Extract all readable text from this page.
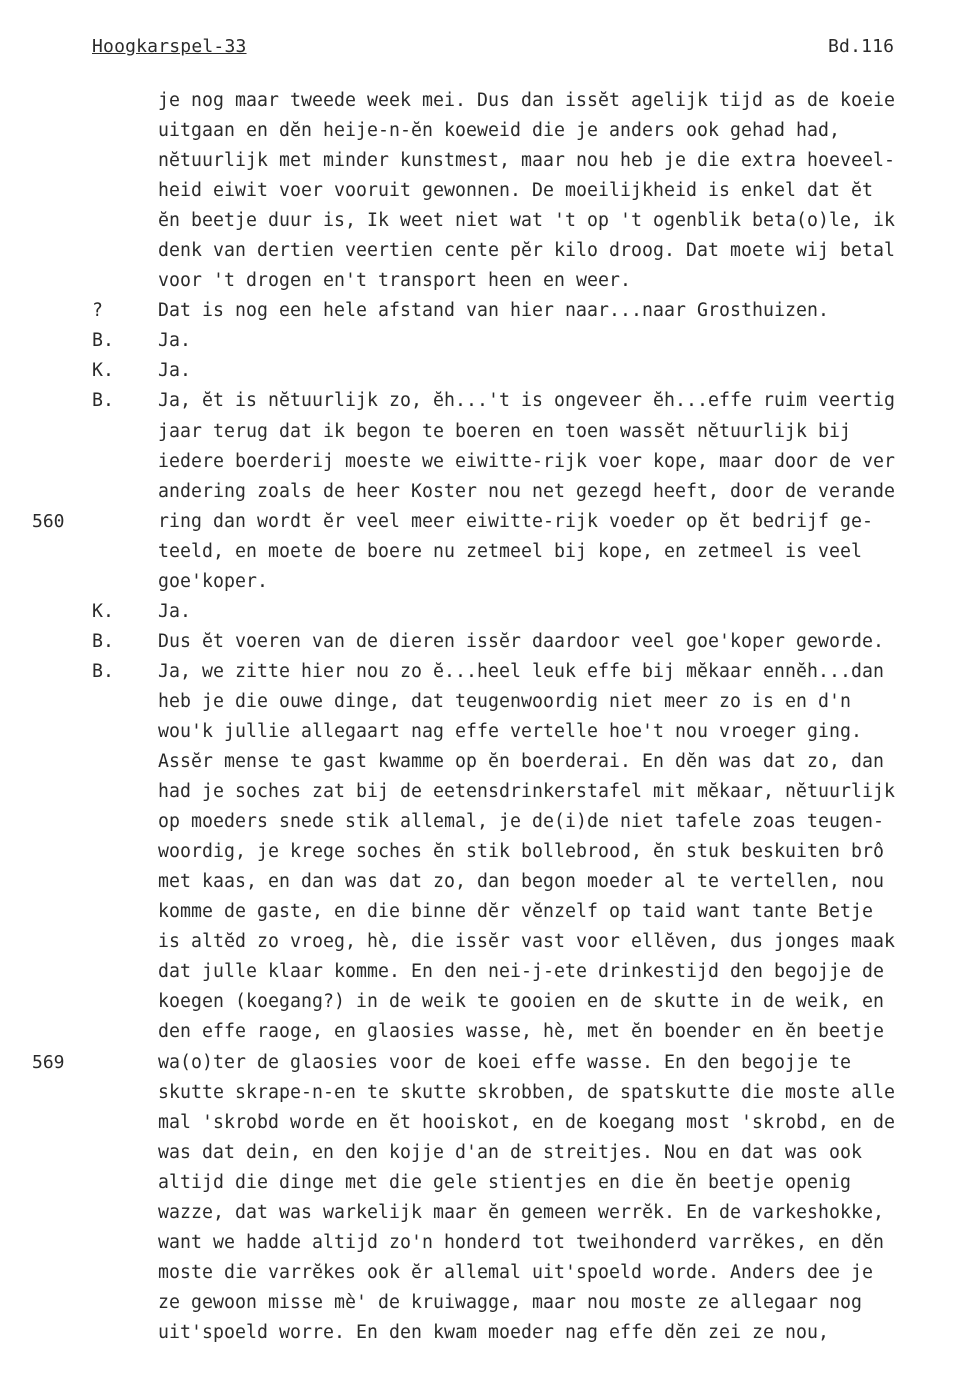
Hoogkarspel-33	Bd.116
je nog maar tweede week mei. Dus dan issĕt agelijk tijd as de koeie
uitgaan en dĕn heije-n-ĕn koeweid die je anders ook gehad had,
nĕtuurlijk met minder kunstmest, maar nou heb je die extra hoeveel-
heid eiwit voer vooruit gewonnen. De moeilijkheid is enkel dat ĕt
ĕn beetje duur is, Ik weet niet wat 't op 't ogenblik beta(o)le, ik
denk van dertien veertien cente pĕr kilo droog. Dat moete wij betal
voor 't drogen en't transport heen en weer.
?	Dat is nog een hele afstand van hier naar...naar Grosthuizen.
B. Ja.
K. Ja.
B. Ja, ĕt is nĕtuurlijk zo, ĕh...'t is ongeveer ĕh...effe ruim veertig
jaar terug dat ik begon te boeren en toen wassĕt nĕtuurlijk bij
iedere boerderij moeste we eiwitte-rijk voer kope, maar door de ver
andering zoals de heer Koster nou net gezegd heeft, door de verande
560	ring dan wordt ĕr veel meer eiwitte-rijk voeder op ĕt bedrijf ge-
teeld, en moete de boere nu zetmeel bij kope, en zetmeel is veel
goe'koper.
K. Ja.
B. Dus ĕt voeren van de dieren issĕr daardoor veel goe'koper geworde.
B. Ja, we zitte hier nou zo ĕ...heel leuk effe bij mĕkaar ennĕh...dan
heb je die ouwe dinge, dat teugenwoordig niet meer zo is en d'n
wou'k jullie allegaart nag effe vertelle hoe't nou vroeger ging.
Assĕr mense te gast kwamme op ĕn boerderai. En dĕn was dat zo, dan
had je soches zat bij de eetensdrinkerstafel mit mĕkaar, nĕtuurlijk
op moeders snede stik allemal, je de(i)de niet tafele zoas teugen-
woordig, je krege soches ĕn stik bollebrood, ĕn stuk beskuiten brô
met kaas, en dan was dat zo, dan begon moeder al te vertellen, nou
komme de gaste, en die binne dĕr vĕnzelf op taid want tante Betje
is altĕd zo vroeg, hè, die issĕr vast voor ellĕven, dus jonges maak
dat julle klaar komme. En den nei-j-ete drinkestijd den begojje de
koegen (koegang?) in de weik te gooien en de skutte in de weik, en
den effe raoge, en glaosies wasse, hè, met ĕn boender en ĕn beetje
569	wa(o)ter de glaosies voor de koei effe wasse. En den begojje te
skutte skrape-n-en te skutte skrobben, de spatskutte die moste alle
mal 'skrobd worde en ĕt hooiskot, en de koegang most 'skrobd, en de
was dat dein, en den kojje d'an de streitjes. Nou en dat was ook
altijd die dinge met die gele stientjes en die ĕn beetje openig
wazze, dat was warkelijk maar ĕn gemeen werrĕk. En de varkeshokke,
want we hadde altijd zo'n honderd tot tweihonderd varrĕkes, en dĕn
moste die varrĕkes ook ĕr allemal uit'spoeld worde. Anders dee je
ze gewoon misse mè' de kruiwagge, maar nou moste ze allegaar nog
uit'spoeld worre. En den kwam moeder nag effe dĕn zei ze nou,
